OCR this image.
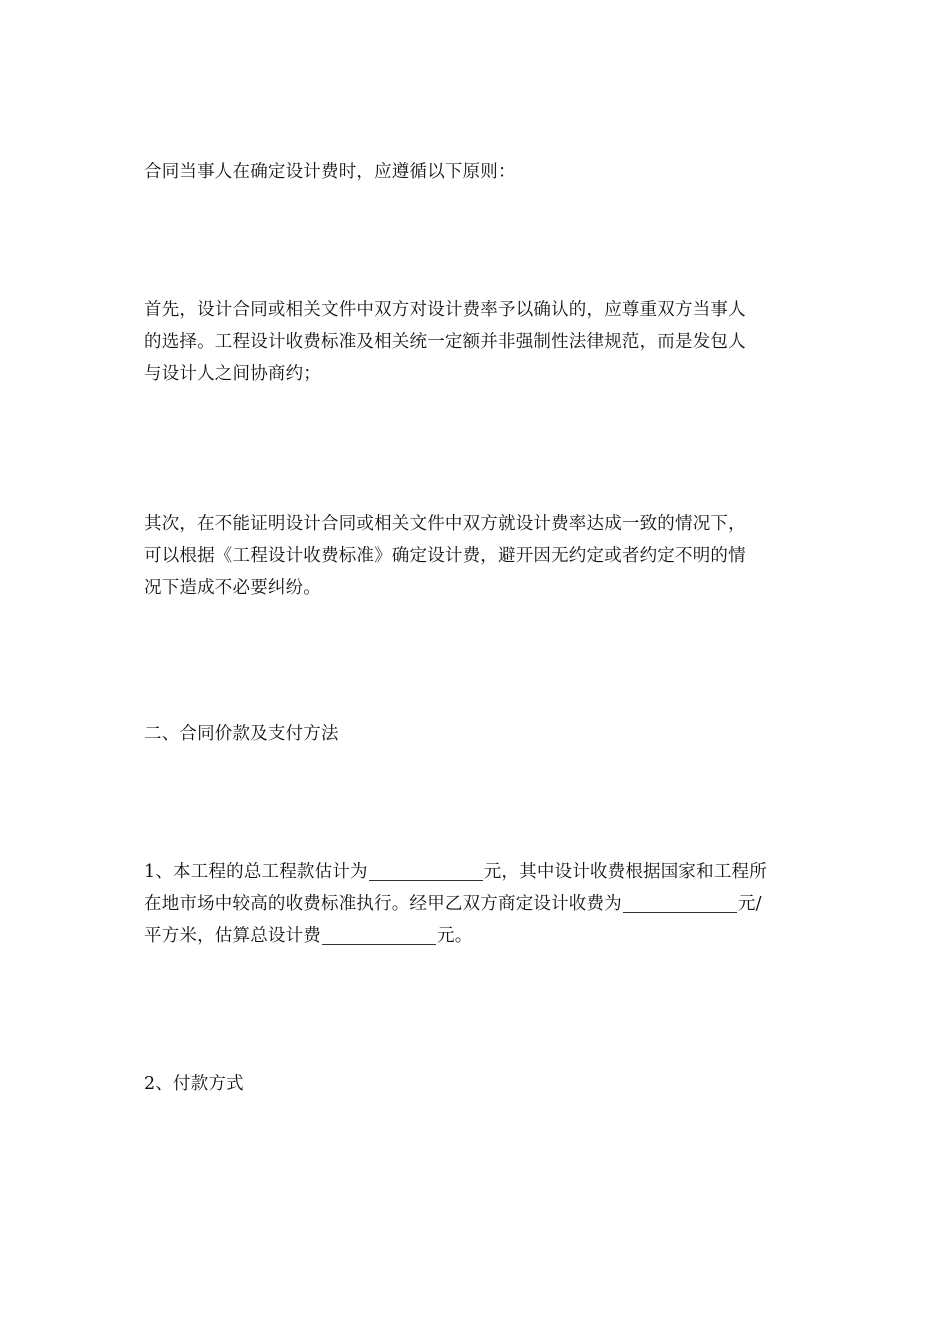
合同当事人在确定设计费时，应遵循以下原则：

首先，设计合同或相关文件中双方对设计费率予以确认的，应尊重双方当事人
的选择。工程设计收费标准及相关统一定额并非强制性法律规范，而是发包人
与设计人之间协商约；

其次，在不能证明设计合同或相关文件中双方就设计费率达成一致的情况下，
可以根据《工程设计收费标准》确定设计费，避开因无约定或者约定不明的情
况下造成不必要纠纷。

二、合同价款及支付方法

1、本工程的总工程款估计为	元，其中设计收费根据国家和工程所
在地市场中较高的收费标准执行。经甲乙双方商定设计收费为	元/
平方米，估算总设计费	元。

2、付款方式
